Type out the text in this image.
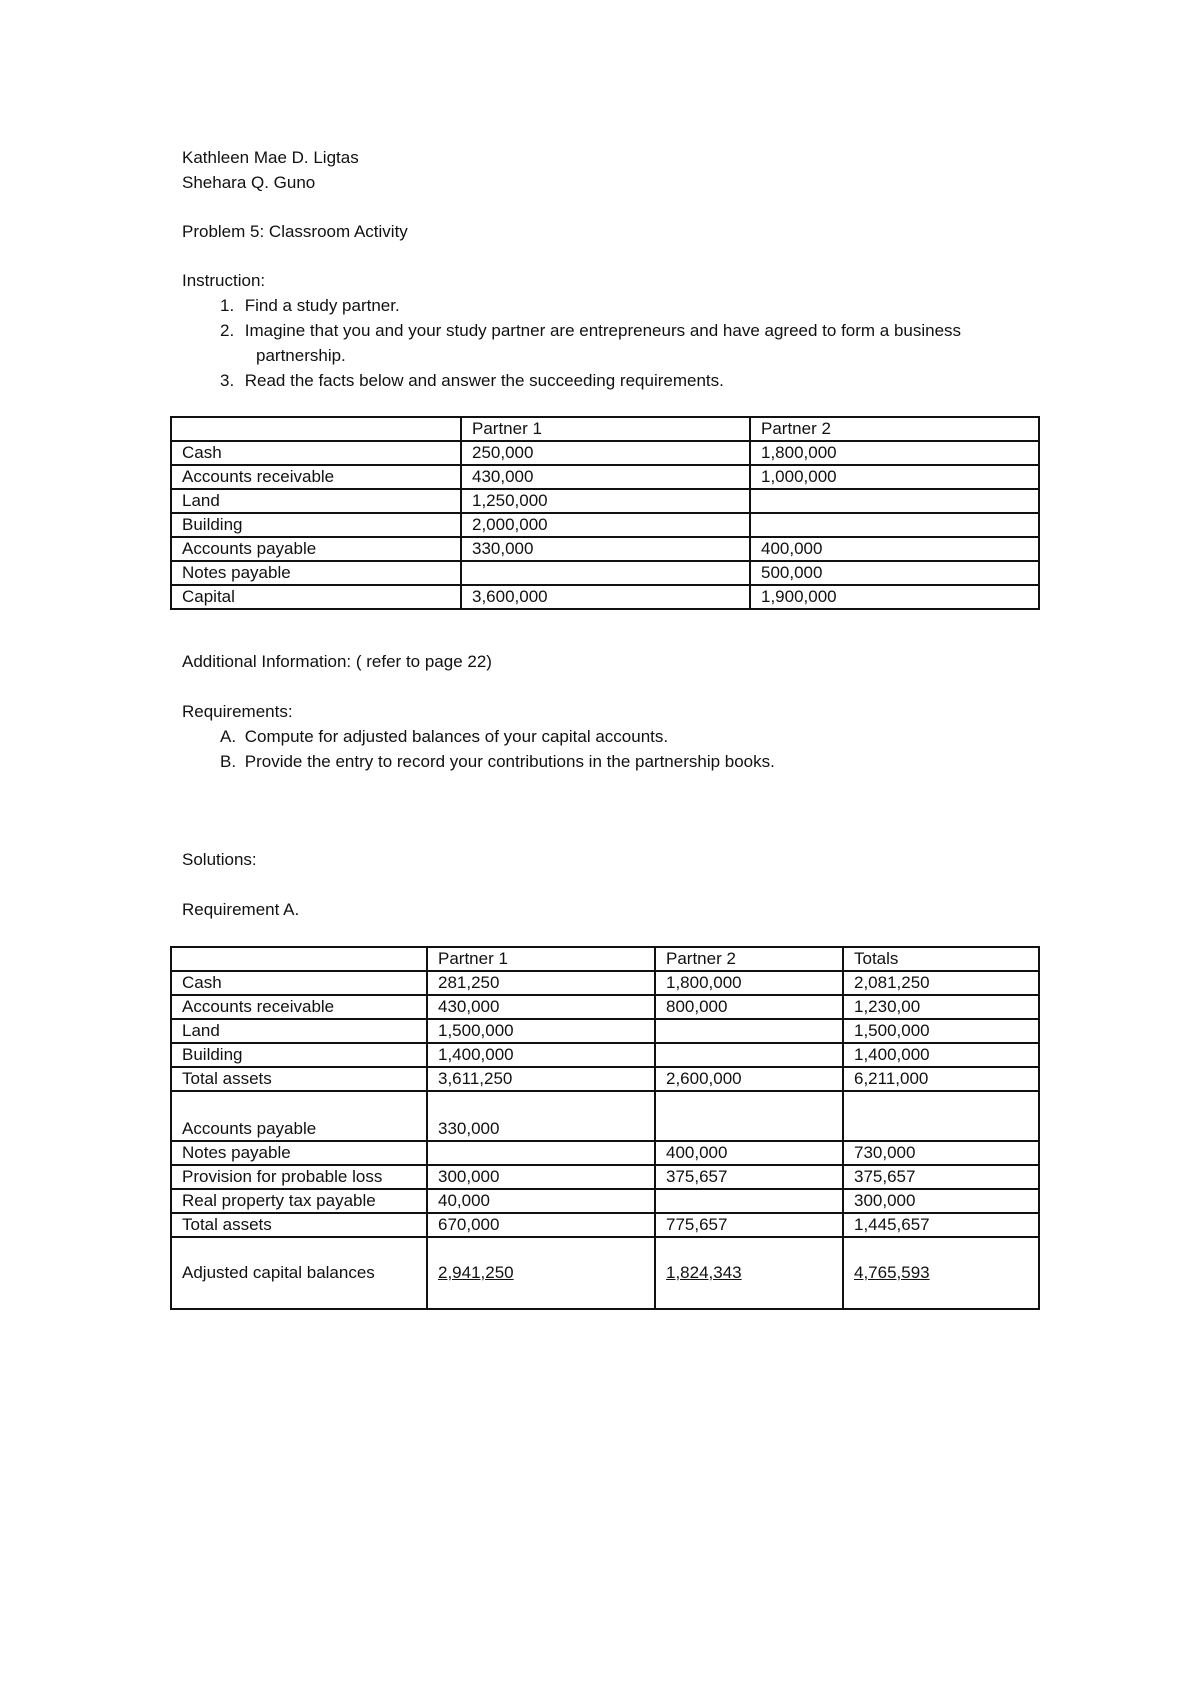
Kathleen Mae D. Ligtas
Shehara Q. Guno
Problem 5: Classroom Activity
Instruction:
1. Find a study partner.
2. Imagine that you and your study partner are entrepreneurs and have agreed to form a business
partnership.
3. Read the facts below and answer the succeeding requirements.
	Partner 1	Partner 2
Cash	250,000	1,800,000
Accounts receivable	430,000	1,000,000
Land	1,250,000	
Building	2,000,000	
Accounts payable	330,000	400,000
Notes payable		500,000
Capital	3,600,000	1,900,000
Additional Information: ( refer to page 22)
Requirements:
A. Compute for adjusted balances of your capital accounts.
B. Provide the entry to record your contributions in the partnership books.
Solutions:
Requirement A.
	Partner 1	Partner 2	Totals
Cash	281,250	1,800,000	2,081,250
Accounts receivable	430,000	800,000	1,230,00
Land	1,500,000		1,500,000
Building	1,400,000		1,400,000
Total assets	3,611,250	2,600,000	6,211,000
Accounts payable	330,000		
Notes payable		400,000	730,000
Provision for probable loss	300,000	375,657	375,657
Real property tax payable	40,000		300,000
Total assets	670,000	775,657	1,445,657
Adjusted capital balances	2,941,250	1,824,343	4,765,593
